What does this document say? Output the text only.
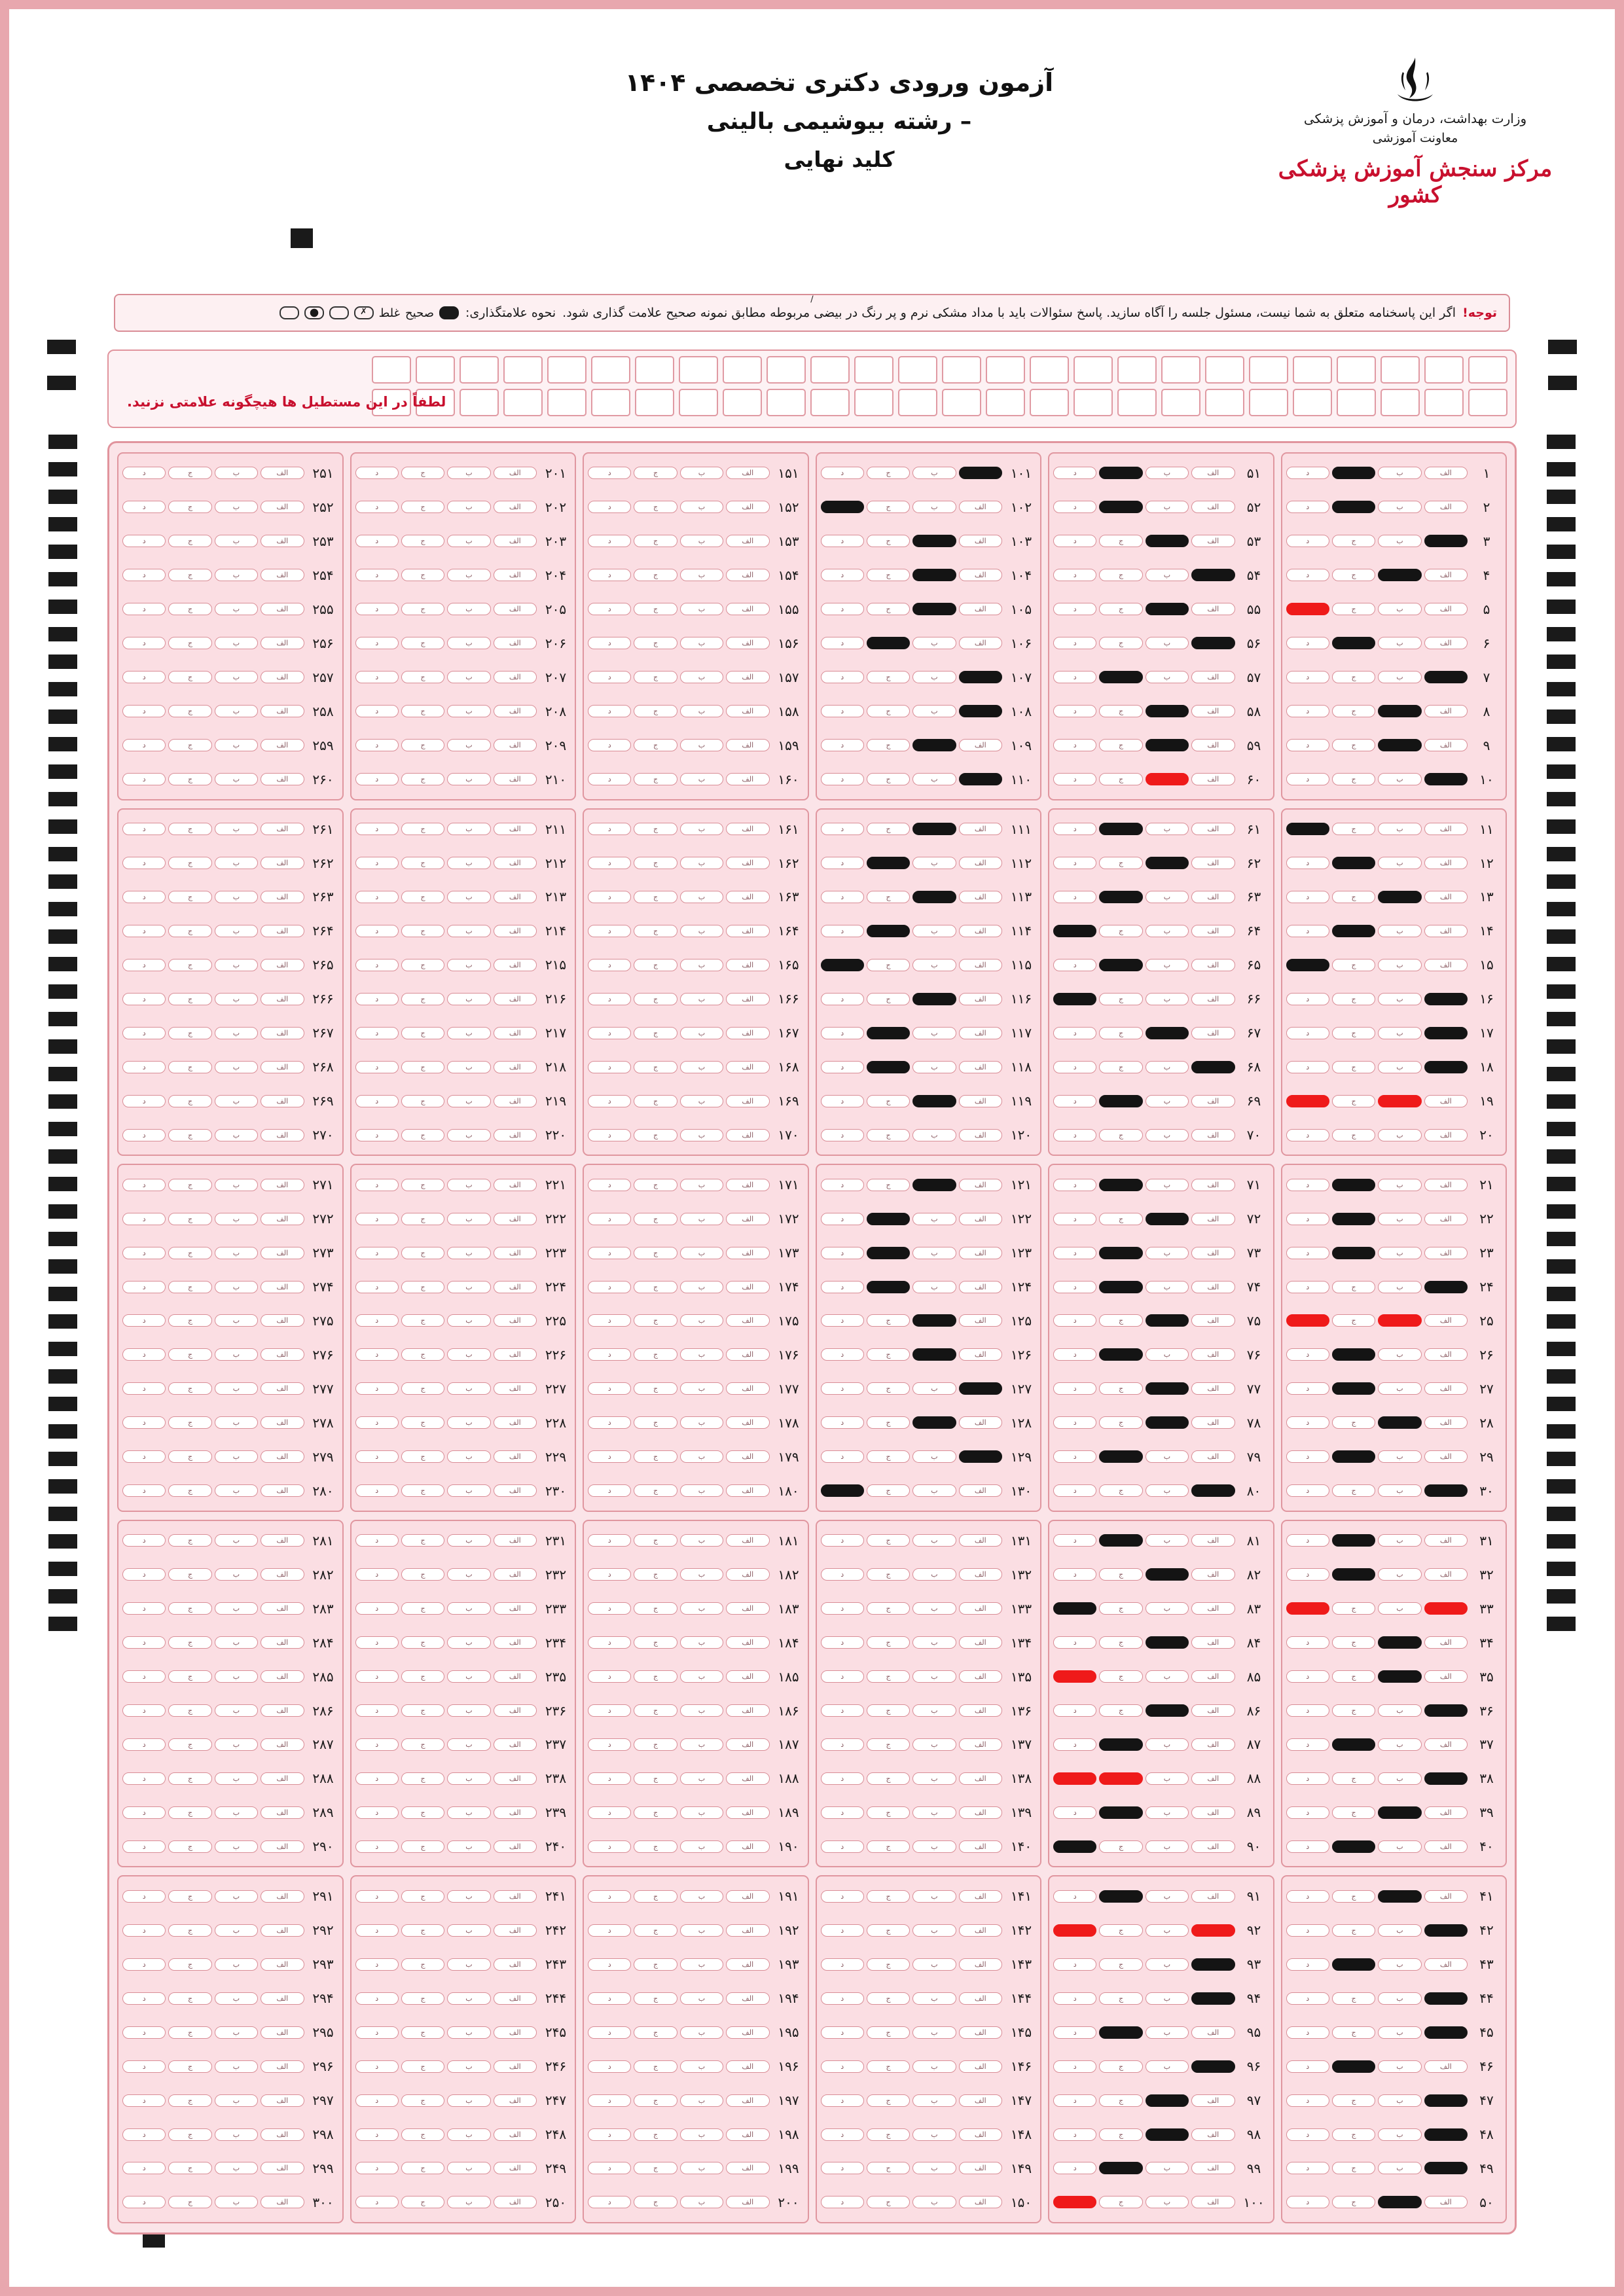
وزارت بهداشت، درمان و آموزش پزشکی
معاونت آموزشی
مرکز سنجش آموزش پزشکی کشور
آزمون ورودی دکتری تخصصی ۱۴۰۴
– رشته بیوشیمی بالینی
کلید نهایی
توجه!
اگر این پاسخنامه متعلق به شما نیست، مسئول جلسه را آگاه سازید. پاسخ سئوالات باید با مداد مشکی نرم و پر رنگ در بیضی مربوطه مطابق نمونه صحیح علامت گذاری شود.
نحوه علامتگذاری:
صحیح
غلط
✗
∕
لطفاً در این مستطیل ها هیچگونه علامتی نزنید.
۱
الف
ب
د
۲
الف
ب
د
۳
ب
ج
د
۴
الف
ج
د
۵
الف
ب
ج
۶
الف
ب
د
۷
ب
ج
د
۸
الف
ج
د
۹
الف
ج
د
۱۰
ب
ج
د
۱۱
الف
ب
ج
۱۲
الف
ب
د
۱۳
الف
ج
د
۱۴
الف
ب
د
۱۵
الف
ب
ج
۱۶
ب
ج
د
۱۷
ب
ج
د
۱۸
ب
ج
د
۱۹
الف
ج
۲۰
الف
ب
ج
د
۲۱
الف
ب
د
۲۲
الف
ب
د
۲۳
الف
ب
د
۲۴
ب
ج
د
۲۵
الف
ج
۲۶
الف
ب
د
۲۷
الف
ب
د
۲۸
الف
ج
د
۲۹
الف
ب
د
۳۰
ب
ج
د
۳۱
الف
ب
د
۳۲
الف
ب
د
۳۳
ب
ج
۳۴
الف
ج
د
۳۵
الف
ج
د
۳۶
ب
ج
د
۳۷
الف
ب
د
۳۸
ب
ج
د
۳۹
الف
ج
د
۴۰
الف
ب
د
۴۱
الف
ج
د
۴۲
ب
ج
د
۴۳
الف
ب
د
۴۴
ب
ج
د
۴۵
ب
ج
د
۴۶
الف
ب
د
۴۷
ب
ج
د
۴۸
ب
ج
د
۴۹
ب
ج
د
۵۰
الف
ج
د
۵۱
الف
ب
د
۵۲
الف
ب
د
۵۳
الف
ج
د
۵۴
ب
ج
د
۵۵
الف
ج
د
۵۶
ب
ج
د
۵۷
الف
ب
د
۵۸
الف
ج
د
۵۹
الف
ج
د
۶۰
الف
ج
د
۶۱
الف
ب
د
۶۲
الف
ج
د
۶۳
الف
ب
د
۶۴
الف
ب
ج
۶۵
الف
ب
د
۶۶
الف
ب
ج
۶۷
الف
ج
د
۶۸
ب
ج
د
۶۹
الف
ب
د
۷۰
الف
ب
ج
د
۷۱
الف
ب
د
۷۲
الف
ج
د
۷۳
الف
ب
د
۷۴
الف
ب
د
۷۵
الف
ج
د
۷۶
الف
ب
د
۷۷
الف
ج
د
۷۸
الف
ج
د
۷۹
الف
ب
د
۸۰
ب
ج
د
۸۱
الف
ب
د
۸۲
الف
ج
د
۸۳
الف
ب
ج
۸۴
الف
ج
د
۸۵
الف
ب
ج
۸۶
الف
ج
د
۸۷
الف
ب
د
۸۸
الف
ب
۸۹
الف
ب
د
۹۰
الف
ب
ج
۹۱
الف
ب
د
۹۲
ب
ج
۹۳
ب
ج
د
۹۴
ب
ج
د
۹۵
الف
ب
د
۹۶
ب
ج
د
۹۷
الف
ج
د
۹۸
الف
ج
د
۹۹
الف
ب
د
۱۰۰
الف
ب
ج
۱۰۱
ب
ج
د
۱۰۲
الف
ب
ج
۱۰۳
الف
ج
د
۱۰۴
الف
ج
د
۱۰۵
الف
ج
د
۱۰۶
الف
ب
د
۱۰۷
ب
ج
د
۱۰۸
ب
ج
د
۱۰۹
الف
ج
د
۱۱۰
ب
ج
د
۱۱۱
الف
ج
د
۱۱۲
الف
ب
د
۱۱۳
الف
ج
د
۱۱۴
الف
ب
د
۱۱۵
الف
ب
ج
۱۱۶
الف
ج
د
۱۱۷
الف
ب
د
۱۱۸
الف
ب
د
۱۱۹
الف
ج
د
۱۲۰
الف
ب
ج
د
۱۲۱
الف
ج
د
۱۲۲
الف
ب
د
۱۲۳
الف
ب
د
۱۲۴
الف
ب
د
۱۲۵
الف
ج
د
۱۲۶
الف
ج
د
۱۲۷
ب
ج
د
۱۲۸
الف
ج
د
۱۲۹
ب
ج
د
۱۳۰
الف
ب
ج
۱۳۱
الف
ب
ج
د
۱۳۲
الف
ب
ج
د
۱۳۳
الف
ب
ج
د
۱۳۴
الف
ب
ج
د
۱۳۵
الف
ب
ج
د
۱۳۶
الف
ب
ج
د
۱۳۷
الف
ب
ج
د
۱۳۸
الف
ب
ج
د
۱۳۹
الف
ب
ج
د
۱۴۰
الف
ب
ج
د
۱۴۱
الف
ب
ج
د
۱۴۲
الف
ب
ج
د
۱۴۳
الف
ب
ج
د
۱۴۴
الف
ب
ج
د
۱۴۵
الف
ب
ج
د
۱۴۶
الف
ب
ج
د
۱۴۷
الف
ب
ج
د
۱۴۸
الف
ب
ج
د
۱۴۹
الف
ب
ج
د
۱۵۰
الف
ب
ج
د
۱۵۱
الف
ب
ج
د
۱۵۲
الف
ب
ج
د
۱۵۳
الف
ب
ج
د
۱۵۴
الف
ب
ج
د
۱۵۵
الف
ب
ج
د
۱۵۶
الف
ب
ج
د
۱۵۷
الف
ب
ج
د
۱۵۸
الف
ب
ج
د
۱۵۹
الف
ب
ج
د
۱۶۰
الف
ب
ج
د
۱۶۱
الف
ب
ج
د
۱۶۲
الف
ب
ج
د
۱۶۳
الف
ب
ج
د
۱۶۴
الف
ب
ج
د
۱۶۵
الف
ب
ج
د
۱۶۶
الف
ب
ج
د
۱۶۷
الف
ب
ج
د
۱۶۸
الف
ب
ج
د
۱۶۹
الف
ب
ج
د
۱۷۰
الف
ب
ج
د
۱۷۱
الف
ب
ج
د
۱۷۲
الف
ب
ج
د
۱۷۳
الف
ب
ج
د
۱۷۴
الف
ب
ج
د
۱۷۵
الف
ب
ج
د
۱۷۶
الف
ب
ج
د
۱۷۷
الف
ب
ج
د
۱۷۸
الف
ب
ج
د
۱۷۹
الف
ب
ج
د
۱۸۰
الف
ب
ج
د
۱۸۱
الف
ب
ج
د
۱۸۲
الف
ب
ج
د
۱۸۳
الف
ب
ج
د
۱۸۴
الف
ب
ج
د
۱۸۵
الف
ب
ج
د
۱۸۶
الف
ب
ج
د
۱۸۷
الف
ب
ج
د
۱۸۸
الف
ب
ج
د
۱۸۹
الف
ب
ج
د
۱۹۰
الف
ب
ج
د
۱۹۱
الف
ب
ج
د
۱۹۲
الف
ب
ج
د
۱۹۳
الف
ب
ج
د
۱۹۴
الف
ب
ج
د
۱۹۵
الف
ب
ج
د
۱۹۶
الف
ب
ج
د
۱۹۷
الف
ب
ج
د
۱۹۸
الف
ب
ج
د
۱۹۹
الف
ب
ج
د
۲۰۰
الف
ب
ج
د
۲۰۱
الف
ب
ج
د
۲۰۲
الف
ب
ج
د
۲۰۳
الف
ب
ج
د
۲۰۴
الف
ب
ج
د
۲۰۵
الف
ب
ج
د
۲۰۶
الف
ب
ج
د
۲۰۷
الف
ب
ج
د
۲۰۸
الف
ب
ج
د
۲۰۹
الف
ب
ج
د
۲۱۰
الف
ب
ج
د
۲۱۱
الف
ب
ج
د
۲۱۲
الف
ب
ج
د
۲۱۳
الف
ب
ج
د
۲۱۴
الف
ب
ج
د
۲۱۵
الف
ب
ج
د
۲۱۶
الف
ب
ج
د
۲۱۷
الف
ب
ج
د
۲۱۸
الف
ب
ج
د
۲۱۹
الف
ب
ج
د
۲۲۰
الف
ب
ج
د
۲۲۱
الف
ب
ج
د
۲۲۲
الف
ب
ج
د
۲۲۳
الف
ب
ج
د
۲۲۴
الف
ب
ج
د
۲۲۵
الف
ب
ج
د
۲۲۶
الف
ب
ج
د
۲۲۷
الف
ب
ج
د
۲۲۸
الف
ب
ج
د
۲۲۹
الف
ب
ج
د
۲۳۰
الف
ب
ج
د
۲۳۱
الف
ب
ج
د
۲۳۲
الف
ب
ج
د
۲۳۳
الف
ب
ج
د
۲۳۴
الف
ب
ج
د
۲۳۵
الف
ب
ج
د
۲۳۶
الف
ب
ج
د
۲۳۷
الف
ب
ج
د
۲۳۸
الف
ب
ج
د
۲۳۹
الف
ب
ج
د
۲۴۰
الف
ب
ج
د
۲۴۱
الف
ب
ج
د
۲۴۲
الف
ب
ج
د
۲۴۳
الف
ب
ج
د
۲۴۴
الف
ب
ج
د
۲۴۵
الف
ب
ج
د
۲۴۶
الف
ب
ج
د
۲۴۷
الف
ب
ج
د
۲۴۸
الف
ب
ج
د
۲۴۹
الف
ب
ج
د
۲۵۰
الف
ب
ج
د
۲۵۱
الف
ب
ج
د
۲۵۲
الف
ب
ج
د
۲۵۳
الف
ب
ج
د
۲۵۴
الف
ب
ج
د
۲۵۵
الف
ب
ج
د
۲۵۶
الف
ب
ج
د
۲۵۷
الف
ب
ج
د
۲۵۸
الف
ب
ج
د
۲۵۹
الف
ب
ج
د
۲۶۰
الف
ب
ج
د
۲۶۱
الف
ب
ج
د
۲۶۲
الف
ب
ج
د
۲۶۳
الف
ب
ج
د
۲۶۴
الف
ب
ج
د
۲۶۵
الف
ب
ج
د
۲۶۶
الف
ب
ج
د
۲۶۷
الف
ب
ج
د
۲۶۸
الف
ب
ج
د
۲۶۹
الف
ب
ج
د
۲۷۰
الف
ب
ج
د
۲۷۱
الف
ب
ج
د
۲۷۲
الف
ب
ج
د
۲۷۳
الف
ب
ج
د
۲۷۴
الف
ب
ج
د
۲۷۵
الف
ب
ج
د
۲۷۶
الف
ب
ج
د
۲۷۷
الف
ب
ج
د
۲۷۸
الف
ب
ج
د
۲۷۹
الف
ب
ج
د
۲۸۰
الف
ب
ج
د
۲۸۱
الف
ب
ج
د
۲۸۲
الف
ب
ج
د
۲۸۳
الف
ب
ج
د
۲۸۴
الف
ب
ج
د
۲۸۵
الف
ب
ج
د
۲۸۶
الف
ب
ج
د
۲۸۷
الف
ب
ج
د
۲۸۸
الف
ب
ج
د
۲۸۹
الف
ب
ج
د
۲۹۰
الف
ب
ج
د
۲۹۱
الف
ب
ج
د
۲۹۲
الف
ب
ج
د
۲۹۳
الف
ب
ج
د
۲۹۴
الف
ب
ج
د
۲۹۵
الف
ب
ج
د
۲۹۶
الف
ب
ج
د
۲۹۷
الف
ب
ج
د
۲۹۸
الف
ب
ج
د
۲۹۹
الف
ب
ج
د
۳۰۰
الف
ب
ج
د
